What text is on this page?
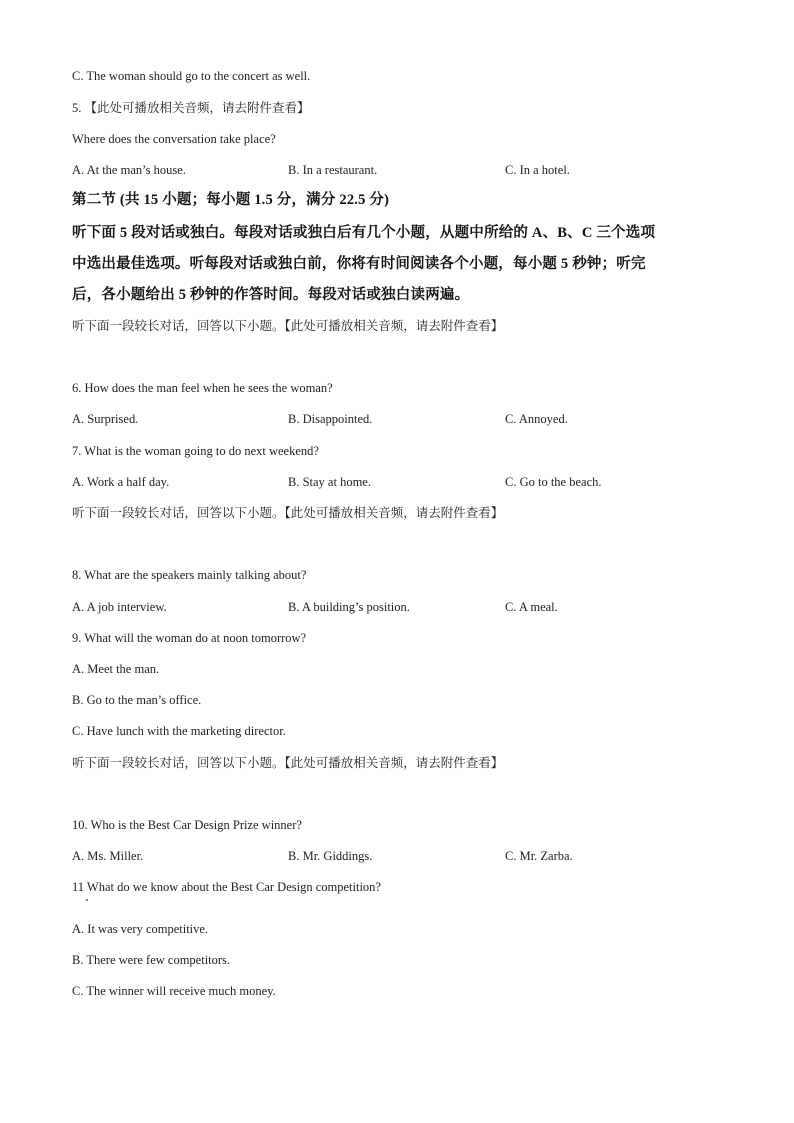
C. The woman should go to the concert as well.
5. 【此处可播放相关音频，请去附件查看】
Where does the conversation take place?
A. At the man’s house.	B. In a restaurant.	C. In a hotel.
第二节 (共 15 小题；每小题 1.5 分，满分 22.5 分)
听下面 5 段对话或独白。每段对话或独白后有几个小题，从题中所给的 A、B、C 三个选项
中选出最佳选项。听每段对话或独白前，你将有时间阅读各个小题，每小题 5 秒钟；听完
后，各小题给出 5 秒钟的作答时间。每段对话或独白读两遍。
听下面一段较长对话，回答以下小题。【此处可播放相关音频，请去附件查看】
6. How does the man feel when he sees the woman?
A. Surprised.	B. Disappointed.	C. Annoyed.
7. What is the woman going to do next weekend?
A. Work a half day.	B. Stay at home.	C. Go to the beach.
听下面一段较长对话，回答以下小题。【此处可播放相关音频，请去附件查看】
8. What are the speakers mainly talking about?
A. A job interview.	B. A building’s position.	C. A meal.
9. What will the woman do at noon tomorrow?
A. Meet the man.
B. Go to the man’s office.
C. Have lunch with the marketing director.
听下面一段较长对话，回答以下小题。【此处可播放相关音频，请去附件查看】
10. Who is the Best Car Design Prize winner?
A. Ms. Miller.	B. Mr. Giddings.	C. Mr. Zarba.
11 What do we know about the Best Car Design competition?
A. It was very competitive.
B. There were few competitors.
C. The winner will receive much money.
